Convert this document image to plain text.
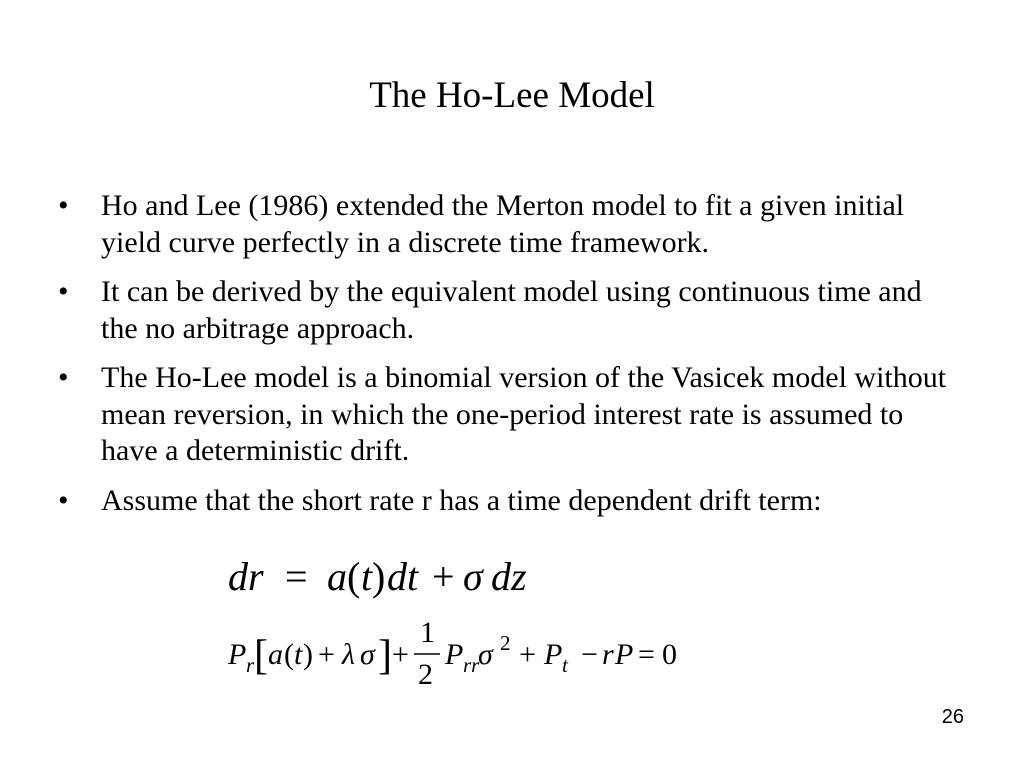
The Ho-Lee Model
•	Ho and Lee (1986) extended the Merton model to fit a given initial yield curve perfectly in a discrete time framework.
•	It can be derived by the equivalent model using continuous time and the no arbitrage approach.
•	The Ho-Lee model is a binomial version of the Vasicek model without mean reversion, in which the one-period interest rate is assumed to have a deterministic drift.
•	Assume that the short rate r has a time dependent drift term:
dr = a ( t ) dt + σ dz
P r [ a ( t ) + λ σ ] +
1
2
P rr
σ 2 + P t − r P = 0

26
